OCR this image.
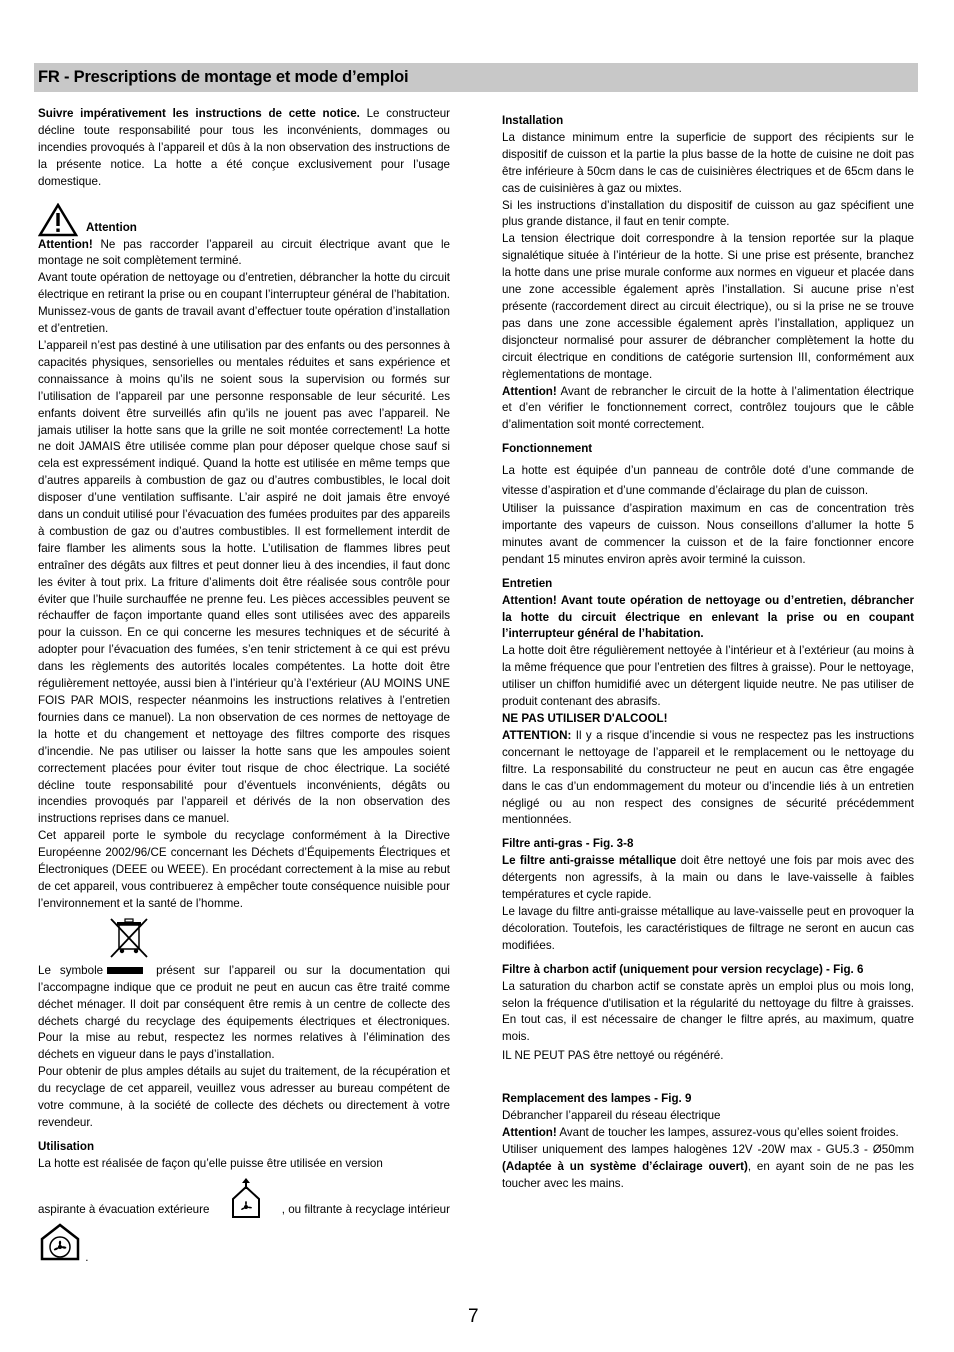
FR - Prescriptions de montage et mode d’emploi

Suivre impérativement les instructions de cette notice. Le constructeur décline toute responsabilité pour tous les inconvénients, dommages ou incendies provoqués à l’appareil et dûs à la non observation des instructions de la présente notice. La hotte a été conçue exclusivement pour l’usage domestique.

Attention

Attention! Ne pas raccorder l’appareil au circuit électrique avant que le montage ne soit complètement terminé.

Avant toute opération de nettoyage ou d’entretien, débrancher la hotte du circuit électrique en retirant la prise ou en coupant l’interrupteur général de l’habitation. Munissez-vous de gants de travail avant d’effectuer toute opération d’installation et d’entretien.

L’appareil n’est pas destiné à une utilisation par des enfants ou des personnes à capacités physiques, sensorielles ou mentales réduites et sans expérience et connaissance à moins qu’ils ne soient sous la supervision ou formés sur l’utilisation de l’appareil par une personne responsable de leur sécurité. Les enfants doivent être surveillés afin qu’ils ne jouent pas avec l’appareil. Ne jamais utiliser la hotte sans que la grille ne soit montée correctement! La hotte ne doit JAMAIS être utilisée comme plan pour déposer quelque chose sauf si cela est expressément indiqué. Quand la hotte est utilisée en même temps que d’autres appareils à combustion de gaz ou d’autres combustibles, le local doit disposer d’une ventilation suffisante. L’air aspiré ne doit jamais être envoyé dans un conduit utilisé pour l’évacuation des fumées produites par des appareils à combustion de gaz ou d’autres combustibles. Il est formellement interdit de faire flamber les aliments sous la hotte. L’utilisation de flammes libres peut entraîner des dégâts aux filtres et peut donner lieu à des incendies, il faut donc les éviter à tout prix. La friture d’aliments doit être réalisée sous contrôle pour éviter que l’huile surchauffée ne prenne feu. Les pièces accessibles peuvent se réchauffer de façon importante quand elles sont utilisées avec des appareils pour la cuisson. En ce qui concerne les mesures techniques et de sécurité à adopter pour l’évacuation des fumées, s’en tenir strictement à ce qui est prévu dans les règlements des autorités locales compétentes. La hotte doit être régulièrement nettoyée, aussi bien à l’intérieur qu’à l’extérieur (AU MOINS UNE FOIS PAR MOIS, respecter néanmoins les instructions relatives à l’entretien fournies dans ce manuel). La non observation de ces normes de nettoyage de la hotte et du changement et nettoyage des filtres comporte des risques d’incendie. Ne pas utiliser ou laisser la hotte sans que les ampoules soient correctement placées pour éviter tout risque de choc électrique. La société décline toute responsabilité pour d’éventuels inconvénients, dégâts ou incendies provoqués par l’appareil et dérivés de la non observation des instructions reprises dans ce manuel.

Cet appareil porte le symbole du recyclage conformément à la Directive Européenne 2002/96/CE concernant les Déchets d’Équipements Électriques et Électroniques (DEEE ou WEEE). En procédant correctement à la mise au rebut de cet appareil, vous contribuerez à empêcher toute conséquence nuisible pour l’environnement et la santé de l’homme.

Le symbole	présent sur l’appareil ou sur la documentation qui l’accompagne indique que ce produit ne peut en aucun cas être traité comme déchet ménager. Il doit par conséquent être remis à un centre de collecte des déchets chargé du recyclage des équipements électriques et électroniques. Pour la mise au rebut, respectez les normes relatives à l’élimination des déchets en vigueur dans le pays d’installation.

Pour obtenir de plus amples détails au sujet du traitement, de la récupération et du recyclage de cet appareil, veuillez vous adresser au bureau compétent de votre commune, à la société de collecte des déchets ou directement à votre revendeur.

Utilisation

La hotte est réalisée de façon qu’elle puisse être utilisée en version

aspirante à évacuation extérieure	, ou filtrante à recyclage intérieur
.

Installation

La distance minimum entre la superficie de support des récipients sur le dispositif de cuisson et la partie la plus basse de la hotte de cuisine ne doit pas être inférieure à 50cm dans le cas de cuisinières électriques et de 65cm dans le cas de cuisinières à gaz ou mixtes.

Si les instructions d’installation du dispositif de cuisson au gaz spécifient une plus grande distance, il faut en tenir compte.

La tension électrique doit correspondre à la tension reportée sur la plaque signalétique située à l’intérieur de la hotte. Si une prise est présente, branchez la hotte dans une prise murale conforme aux normes en vigueur et placée dans une zone accessible également après l’installation. Si aucune prise n’est présente (raccordement direct au circuit électrique), ou si la prise ne se trouve pas dans une zone accessible également après l’installation, appliquez un disjoncteur normalisé pour assurer de débrancher complètement la hotte du circuit électrique en conditions de catégorie surtension III, conformément aux règlementations de montage.

Attention! Avant de rebrancher le circuit de la hotte à l’alimentation électrique et d’en vérifier le fonctionnement correct, contrôlez toujours que le câble d’alimentation soit monté correctement.

Fonctionnement

La hotte est équipée d’un panneau de contrôle doté d’une commande de vitesse d’aspiration et d’une commande d’éclairage du plan de cuisson.

Utiliser la puissance d’aspiration maximum en cas de concentration très importante des vapeurs de cuisson. Nous conseillons d’allumer la hotte 5 minutes avant de commencer la cuisson et de la faire fonctionner encore pendant 15 minutes environ après avoir terminé la cuisson.

Entretien

Attention! Avant toute opération de nettoyage ou d’entretien, débrancher la hotte du circuit électrique en enlevant la prise ou en coupant l’interrupteur général de l’habitation.

La hotte doit être régulièrement nettoyée à l’intérieur et à l’extérieur (au moins à la même fréquence que pour l’entretien des filtres à graisse). Pour le nettoyage, utiliser un chiffon humidifié avec un détergent liquide neutre. Ne pas utiliser de produit contenant des abrasifs.

NE PAS UTILISER D'ALCOOL!

ATTENTION: Il y a risque d’incendie si vous ne respectez pas les instructions concernant le nettoyage de l’appareil et le remplacement ou le nettoyage du filtre. La responsabilité du constructeur ne peut en aucun cas être engagée dans le cas d’un endommagement du moteur ou d’incendie liés à un entretien négligé ou au non respect des consignes de sécurité précédemment mentionnées.

Filtre anti-gras - Fig. 3-8

Le filtre anti-graisse métallique doit être nettoyé une fois par mois avec des détergents non agressifs, à la main ou dans le lave-vaisselle à faibles températures et cycle rapide.

Le lavage du filtre anti-graisse métallique au lave-vaisselle peut en provoquer la décoloration. Toutefois, les caractéristiques de filtrage ne seront en aucun cas modifiées.

Filtre à charbon actif (uniquement pour version recyclage) - Fig. 6

La saturation du charbon actif se constate après un emploi plus ou mois long, selon la fréquence d'utilisation et la régularité du nettoyage du filtre à graisses. En tout cas, il est nécessaire de changer le filtre aprés, au maximum, quatre mois.

IL NE PEUT PAS être nettoyé ou régénéré.

Remplacement des lampes - Fig. 9

Débrancher l’appareil du réseau électrique

Attention! Avant de toucher les lampes, assurez-vous qu’elles soient froides.

Utiliser uniquement des lampes halogènes 12V -20W max - GU5.3 - Ø50mm (Adaptée à un système d’éclairage ouvert), en ayant soin de ne pas les toucher avec les mains.

7
